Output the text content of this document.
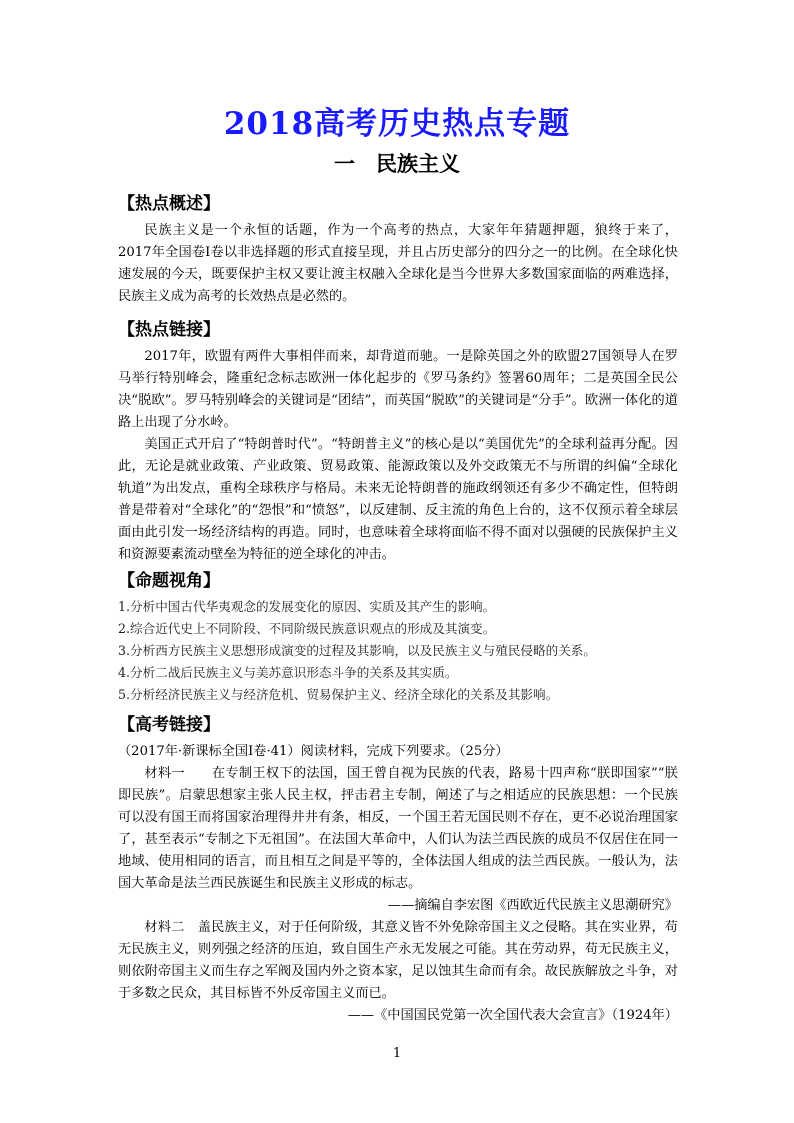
2018高考历史热点专题
一　民族主义
【热点概述】

民族主义是一个永恒的话题，作为一个高考的热点，大家年年猜题押题，狼终于来了，2017年全国卷Ⅰ卷以非选择题的形式直接呈现，并且占历史部分的四分之一的比例。在全球化快速发展的今天，既要保护主权又要让渡主权融入全球化是当今世界大多数国家面临的两难选择，民族主义成为高考的长效热点是必然的。

【热点链接】

2017年，欧盟有两件大事相伴而来，却背道而驰。一是除英国之外的欧盟27国领导人在罗马举行特别峰会，隆重纪念标志欧洲一体化起步的《罗马条约》签署60周年；二是英国全民公决“脱欧”。罗马特别峰会的关键词是“团结”，而英国“脱欧”的关键词是“分手”。欧洲一体化的道路上出现了分水岭。

美国正式开启了“特朗普时代”。“特朗普主义”的核心是以“美国优先”的全球利益再分配。因此，无论是就业政策、产业政策、贸易政策、能源政策以及外交政策无不与所谓的纠偏“全球化轨道”为出发点，重构全球秩序与格局。未来无论特朗普的施政纲领还有多少不确定性，但特朗普是带着对“全球化”的“怨恨”和“愤怒”，以反建制、反主流的角色上台的，这不仅预示着全球层面由此引发一场经济结构的再造。同时，也意味着全球将面临不得不面对以强硬的民族保护主义和资源要素流动壁垒为特征的逆全球化的冲击。

【命题视角】
1.分析中国古代华夷观念的发展变化的原因、实质及其产生的影响。
2.综合近代史上不同阶段、不同阶级民族意识观点的形成及其演变。
3.分析西方民族主义思想形成演变的过程及其影响，以及民族主义与殖民侵略的关系。
4.分析二战后民族主义与美苏意识形态斗争的关系及其实质。
5.分析经济民族主义与经济危机、贸易保护主义、经济全球化的关系及其影响。
【高考链接】

（2017年·新课标全国Ⅰ卷·41）阅读材料，完成下列要求。（25分）

材料一　　在专制王权下的法国，国王曾自视为民族的代表，路易十四声称“朕即国家”“朕即民族”。启蒙思想家主张人民主权，抨击君主专制，阐述了与之相适应的民族思想：一个民族可以没有国王而将国家治理得井井有条，相反，一个国王若无国民则不存在，更不必说治理国家了，甚至表示“专制之下无祖国”。在法国大革命中，人们认为法兰西民族的成员不仅居住在同一地域、使用相同的语言，而且相互之间是平等的，全体法国人组成的法兰西民族。一般认为，法国大革命是法兰西民族诞生和民族主义形成的标志。

——摘编自李宏图《西欧近代民族主义思潮研究》

材料二　盖民族主义，对于任何阶级，其意义皆不外免除帝国主义之侵略。其在实业界，苟无民族主义，则列强之经济的压迫，致自国生产永无发展之可能。其在劳动界，苟无民族主义，则依附帝国主义而生存之军阀及国内外之资本家，足以蚀其生命而有余。故民族解放之斗争，对于多数之民众，其目标皆不外反帝国主义而已。

——《中国国民党第一次全国代表大会宣言》（1924年）

1
